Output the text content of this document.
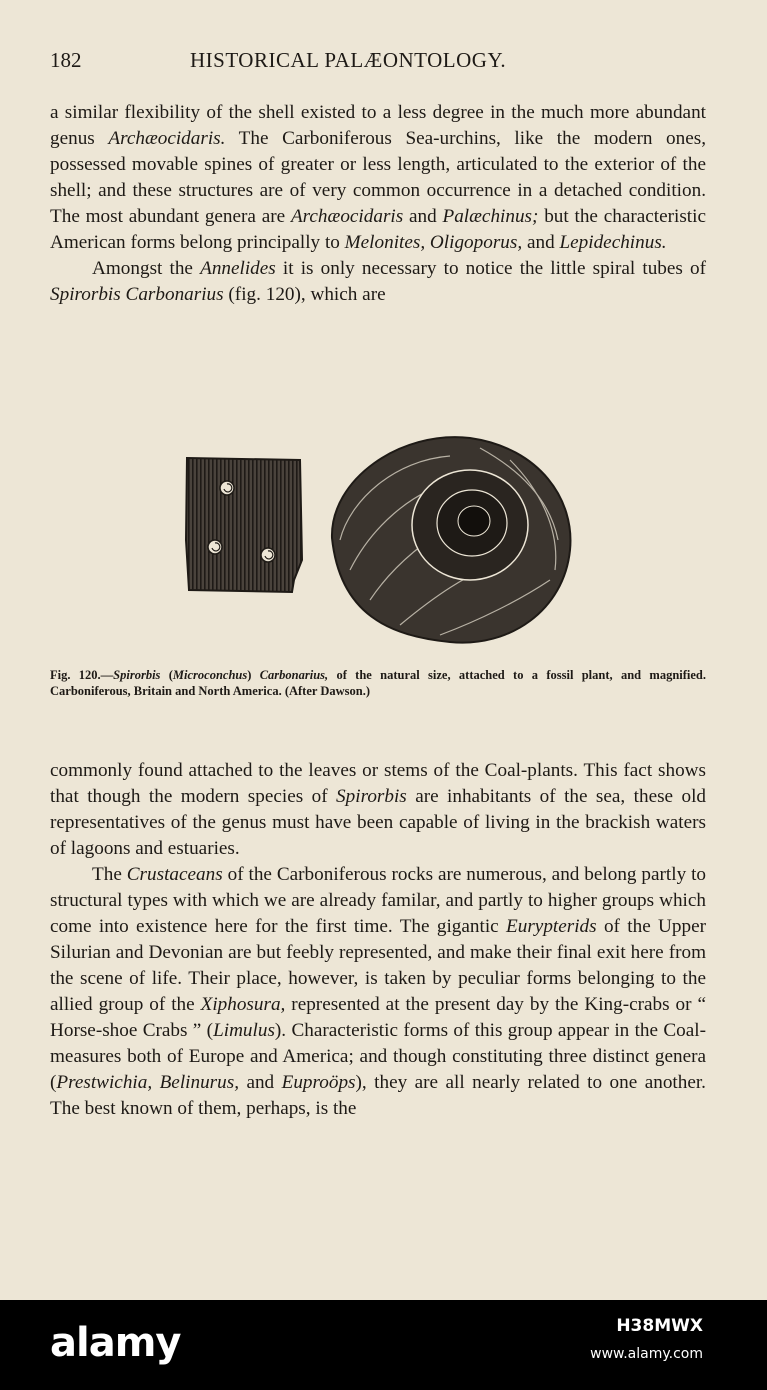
182	HISTORICAL PALÆONTOLOGY.

a similar flexibility of the shell existed to a less degree in the much more abundant genus Archæocidaris. The Carboniferous Sea-urchins, like the modern ones, possessed movable spines of greater or less length, articulated to the exterior of the shell; and these structures are of very common occurrence in a detached condition. The most abundant genera are Archæocidaris and Palæchinus; but the characteristic American forms belong principally to Melonites, Oligoporus, and Lepidechinus.

Amongst the Annelides it is only necessary to notice the little spiral tubes of Spirorbis Carbonarius (fig. 120), which are

Fig. 120.—Spirorbis (Microconchus) Carbonarius, of the natural size, attached to a fossil plant, and magnified. Carboniferous, Britain and North America. (After Dawson.)

commonly found attached to the leaves or stems of the Coal-plants. This fact shows that though the modern species of Spirorbis are inhabitants of the sea, these old representatives of the genus must have been capable of living in the brackish waters of lagoons and estuaries.

The Crustaceans of the Carboniferous rocks are numerous, and belong partly to structural types with which we are already familar, and partly to higher groups which come into existence here for the first time. The gigantic Eurypterids of the Upper Silurian and Devonian are but feebly represented, and make their final exit here from the scene of life. Their place, however, is taken by peculiar forms belonging to the allied group of the Xiphosura, represented at the present day by the King-crabs or “ Horse-shoe Crabs ” (Limulus). Characteristic forms of this group appear in the Coal-measures both of Europe and America; and though constituting three distinct genera (Prestwichia, Belinurus, and Euproöps), they are all nearly related to one another. The best known of them, perhaps, is the

alamy	H38MWX
www.alamy.com
